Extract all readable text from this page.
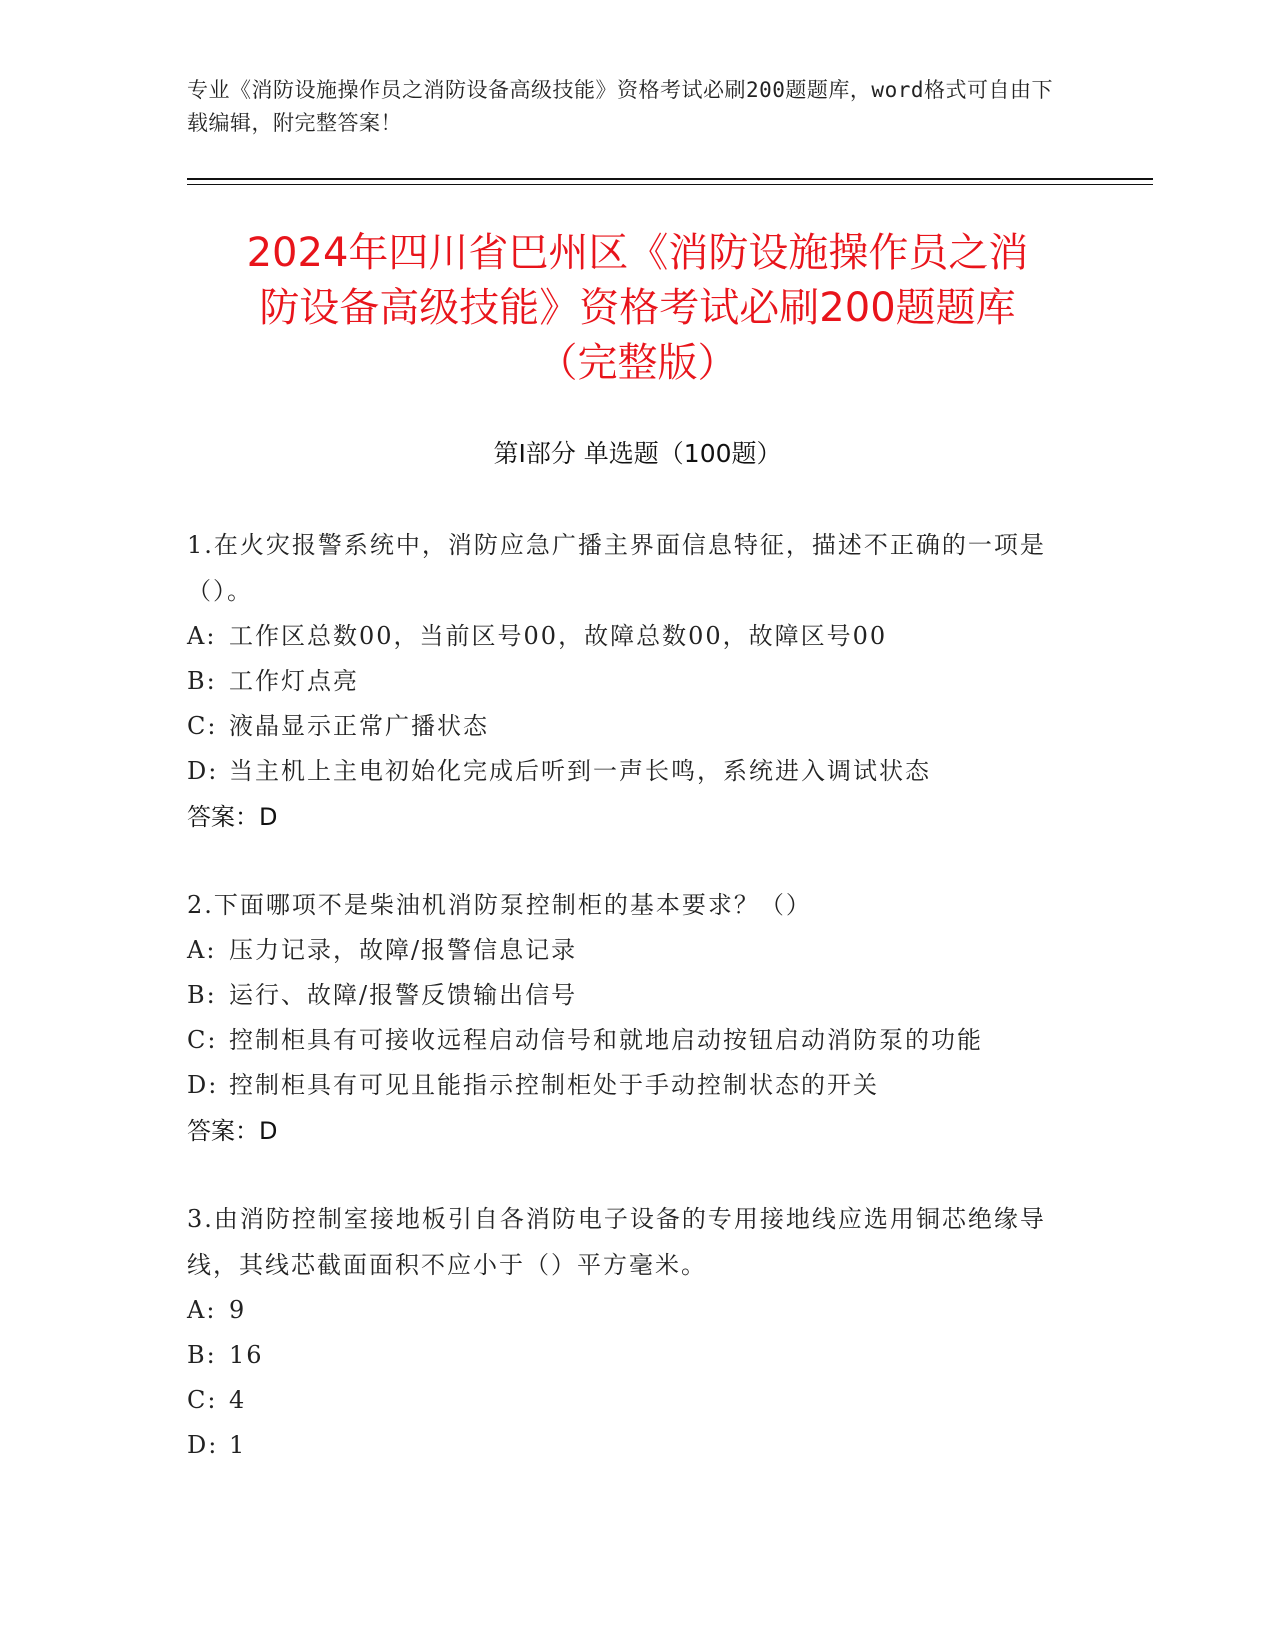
专业《消防设施操作员之消防设备高级技能》资格考试必刷200题题库，word格式可自由下载编辑，附完整答案！
2024年四川省巴州区《消防设施操作员之消
防设备高级技能》资格考试必刷200题题库
（完整版）
第I部分 单选题（100题）
1.在火灾报警系统中，消防应急广播主界面信息特征，描述不正确的一项是（）。
A: 工作区总数00，当前区号00，故障总数00，故障区号00
B: 工作灯点亮
C: 液晶显示正常广播状态
D: 当主机上主电初始化完成后听到一声长鸣，系统进入调试状态
答案：D
2.下面哪项不是柴油机消防泵控制柜的基本要求？（）
A: 压力记录，故障/报警信息记录
B: 运行、故障/报警反馈输出信号
C: 控制柜具有可接收远程启动信号和就地启动按钮启动消防泵的功能
D: 控制柜具有可见且能指示控制柜处于手动控制状态的开关
答案：D
3.由消防控制室接地板引自各消防电子设备的专用接地线应选用铜芯绝缘导线，其线芯截面面积不应小于（）平方毫米。
A: 9
B: 16
C: 4
D: 1
